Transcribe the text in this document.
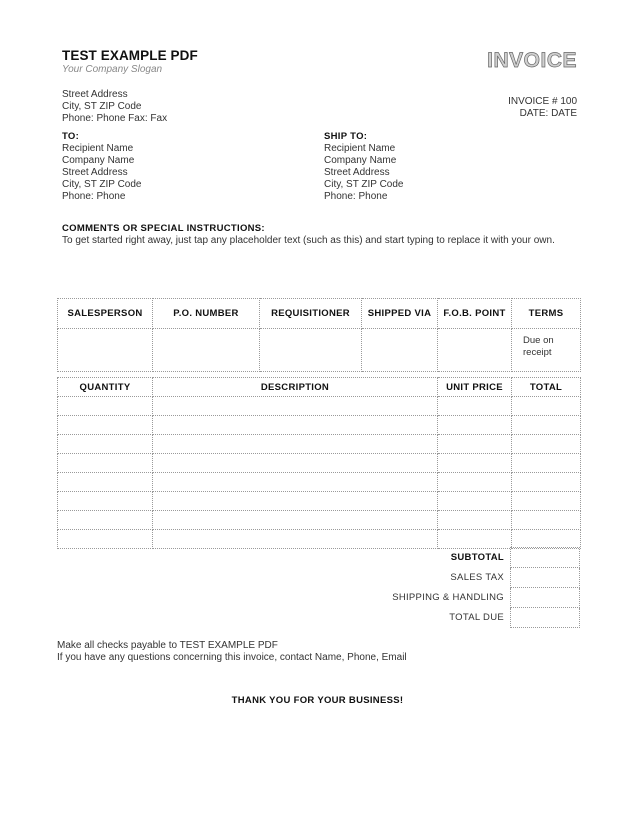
TEST EXAMPLE PDF
Your Company Slogan
Street Address
City, ST ZIP Code
Phone: Phone Fax: Fax
INVOICE
INVOICE # 100
DATE: DATE
TO:
Recipient Name
Company Name
Street Address
City, ST ZIP Code
Phone: Phone
SHIP TO:
Recipient Name
Company Name
Street Address
City, ST ZIP Code
Phone: Phone
COMMENTS OR SPECIAL INSTRUCTIONS:
To get started right away, just tap any placeholder text (such as this) and start typing to replace it with your own.
SALESPERSON	P.O. NUMBER	REQUISITIONER	SHIPPED VIA	F.O.B. POINT	TERMS

					Due on
receipt
QUANTITY	DESCRIPTION	UNIT PRICE	TOTAL

SUBTOTAL	
SALES TAX	
SHIPPING & HANDLING	
TOTAL DUE	
Make all checks payable to TEST EXAMPLE PDF
If you have any questions concerning this invoice, contact Name, Phone, Email
THANK YOU FOR YOUR BUSINESS!
